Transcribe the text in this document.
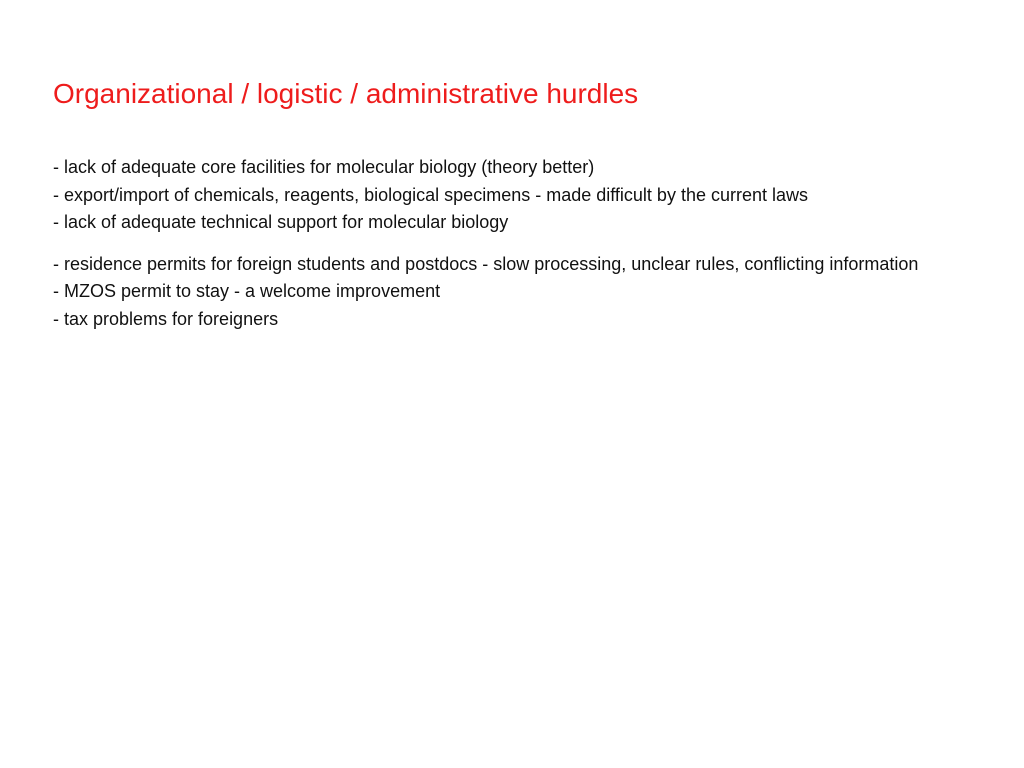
Organizational / logistic / administrative hurdles
- lack of adequate core facilities for molecular biology (theory better)
- export/import of chemicals, reagents, biological specimens - made difficult by the current laws
- lack of adequate technical support for molecular biology
- residence permits for foreign students and postdocs - slow processing, unclear rules, conflicting information
- MZOS permit to stay - a welcome improvement
- tax problems for foreigners
